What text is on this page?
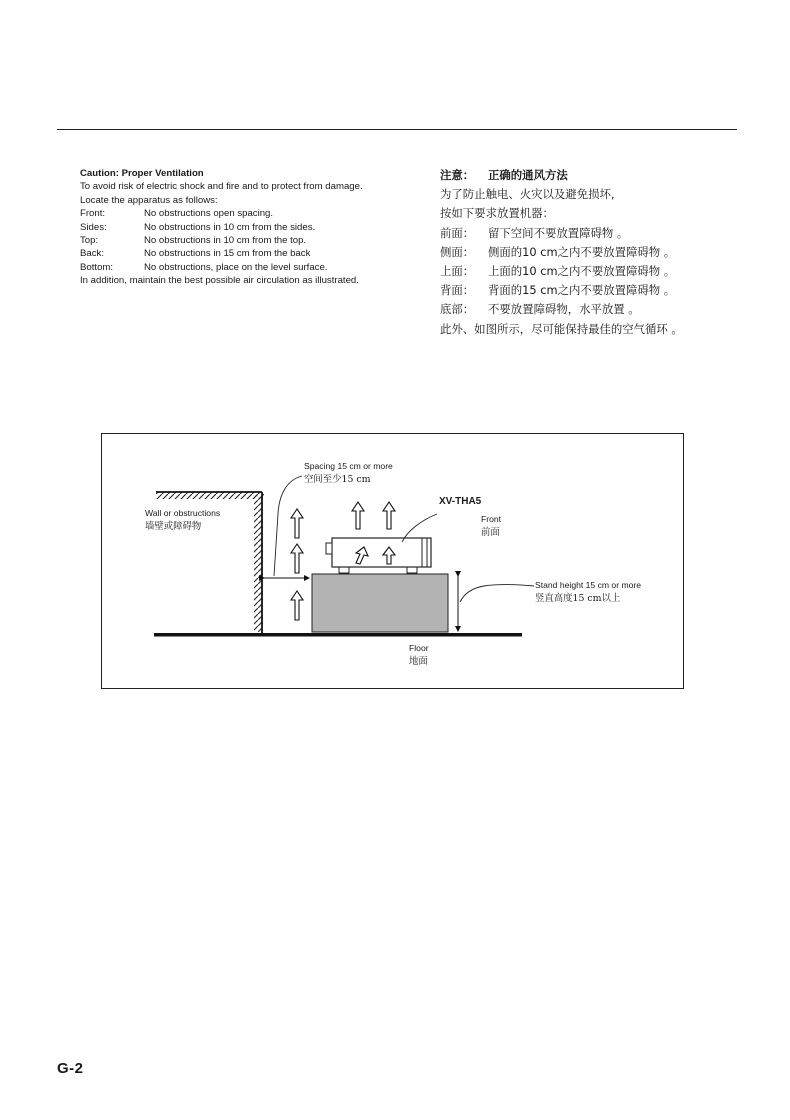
Caution: Proper Ventilation
To avoid risk of electric shock and fire and to protect from damage.
Locate the apparatus as follows:
Front:	No obstructions open spacing.
Sides:	No obstructions in 10 cm from the sides.
Top:	No obstructions in 10 cm from the top.
Back:	No obstructions in 15 cm from the back
Bottom:	No obstructions, place on the level surface.
In addition, maintain the best possible air circulation as illustrated.
注意：	正确的通风方法
为了防止触电、火灾以及避免损坏,
按如下要求放置机器：
前面：	留下空间不要放置障碍物 。
侧面：	侧面的10 cm之内不要放置障碍物 。
上面：	上面的10 cm之内不要放置障碍物 。
背面：	背面的15 cm之内不要放置障碍物 。
底部：	不要放置障碍物，水平放置 。
此外、如图所示，尽可能保持最佳的空气循环 。
Spacing 15 cm or more
空间至少15 cm
Wall or obstructions
墙壁或障碍物
XV-THA5
Front
前面
Stand height 15 cm or more
竖直高度15 cm以上
Floor
地面
G-2
